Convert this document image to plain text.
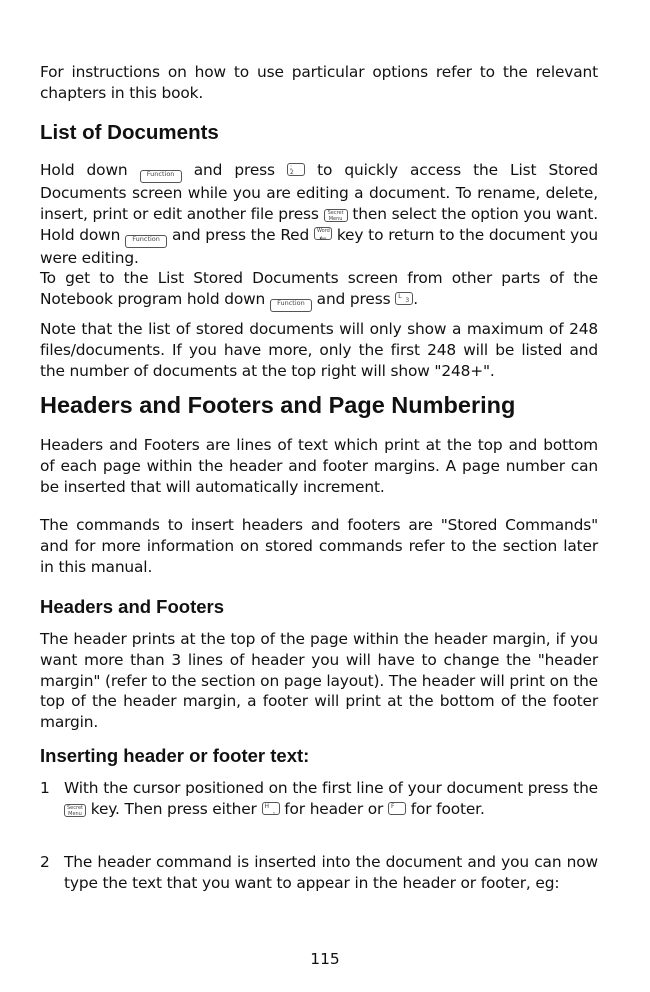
For instructions on how to use particular options refer to the relevant chapters in this book.

List of Documents

Hold down	Function and press	;
2 to quickly access the List Stored Documents screen while you are editing a document. To rename, delete, insert, print or edit another file press Secret
Menu then select the option you want. Hold down Function and press the Red Word
← key to return to the document you were editing.

To get to the List Stored Documents screen from other parts of the Notebook program hold down Function and press L
3 .

Note that the list of stored documents will only show a maximum of 248 files/documents. If you have more, only the first 248 will be listed and the number of documents at the top right will show "248+".

Headers and Footers and Page Numbering

Headers and Footers are lines of text which print at the top and bottom of each page within the header and footer margins. A page number can be inserted that will automatically increment.

The commands to insert headers and footers are "Stored Commands" and for more information on stored commands refer to the section later in this manual.

Headers and Footers

The header prints at the top of the page within the header margin, if you want more than 3 lines of header you will have to change the "header margin" (refer to the section on page layout). The header will print on the top of the header margin, a footer will print at the bottom of the footer margin.

Inserting header or footer text:
1 With the cursor positioned on the first line of your document press the Secret
Menu key. Then press either H
ˬ for header or F for footer.

2 The header command is inserted into the document and you can now type the text that you want to appear in the header or footer, eg:

115
